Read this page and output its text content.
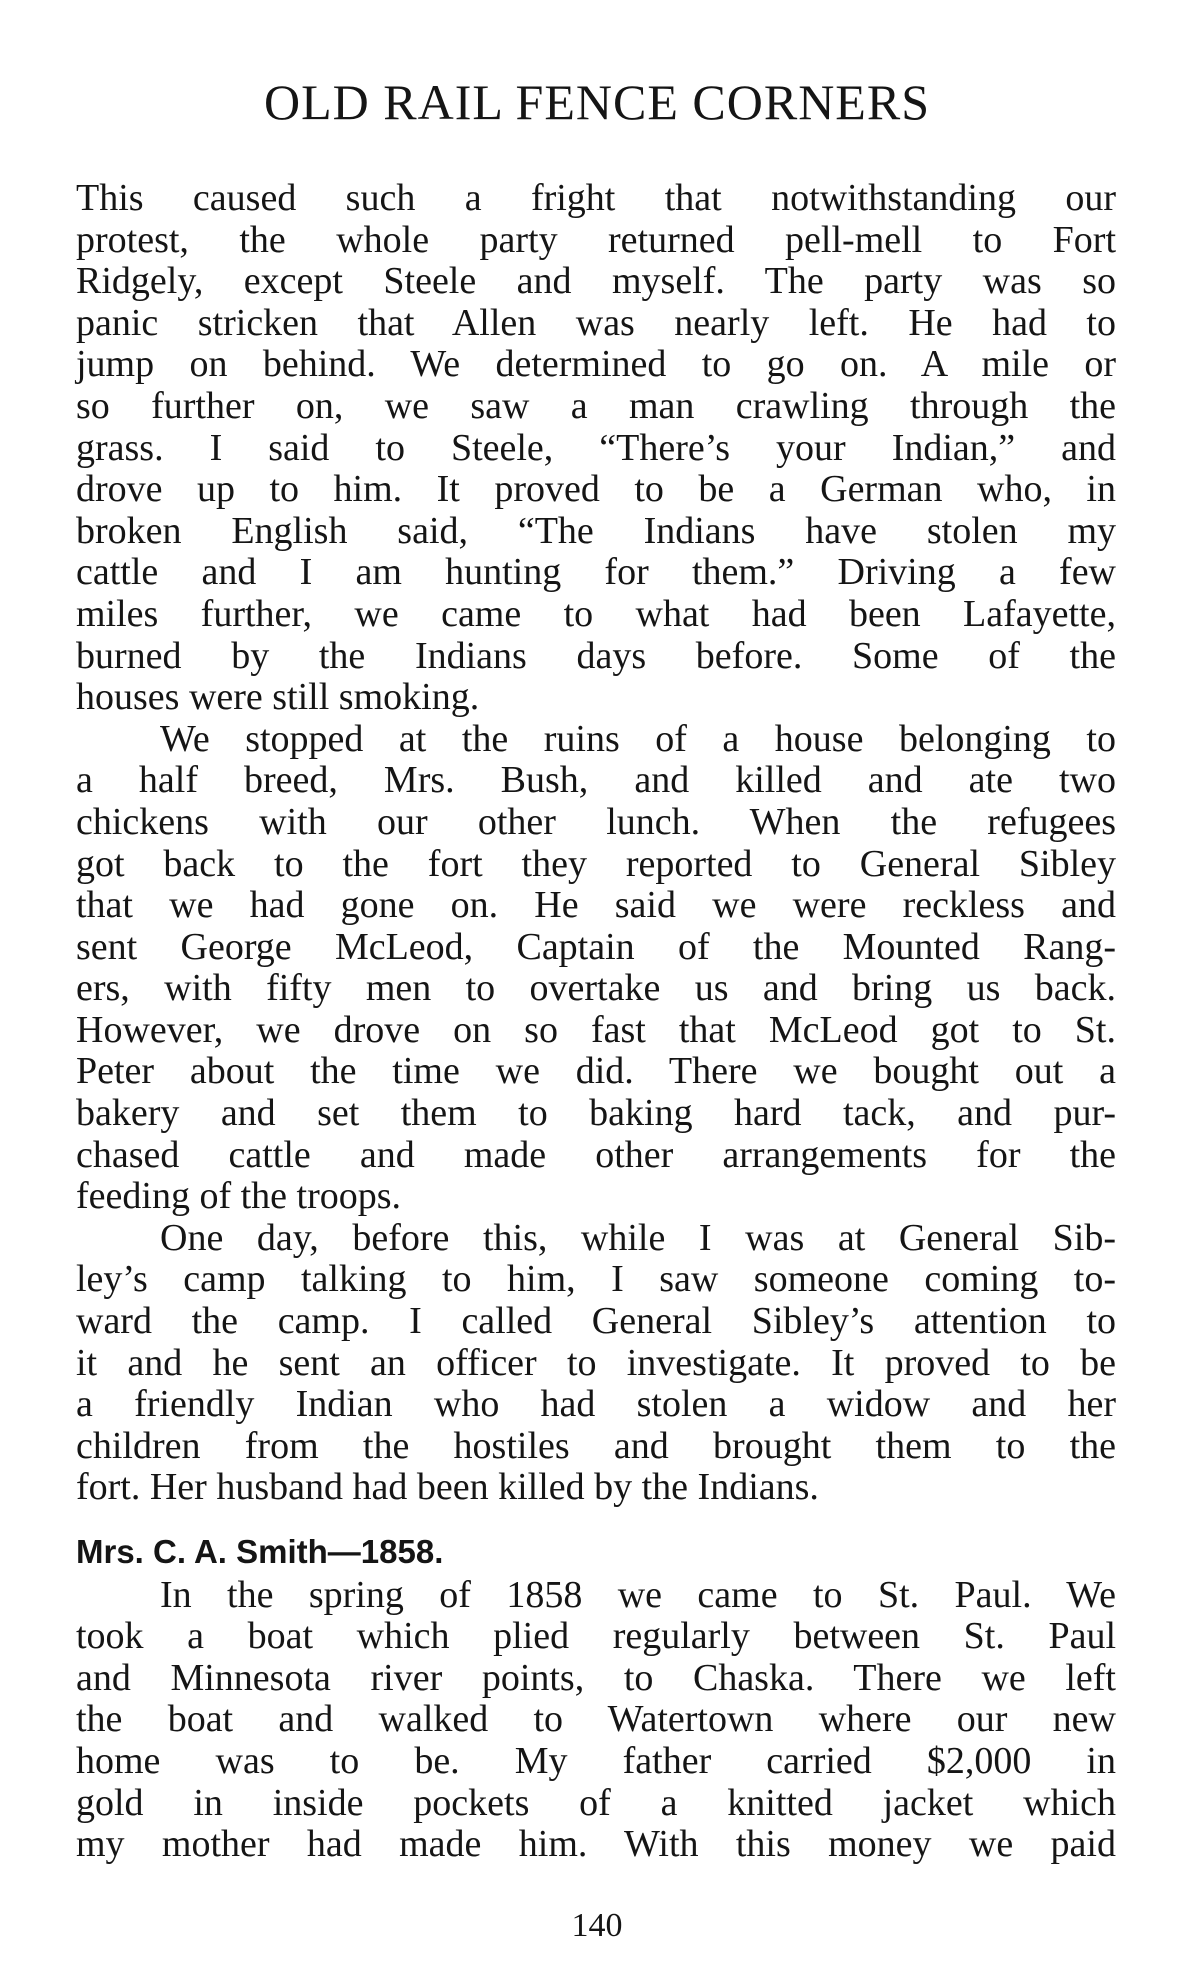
OLD RAIL FENCE CORNERS
This caused such a fright that notwithstanding our
protest, the whole party returned pell-mell to Fort
Ridgely, except Steele and myself. The party was so
panic stricken that Allen was nearly left. He had to
jump on behind. We determined to go on. A mile or
so further on, we saw a man crawling through the
grass. I said to Steele, “There’s your Indian,” and
drove up to him. It proved to be a German who, in
broken English said, “The Indians have stolen my
cattle and I am hunting for them.” Driving a few
miles further, we came to what had been Lafayette,
burned by the Indians days before. Some of the
houses were still smoking.
We stopped at the ruins of a house belonging to
a half breed, Mrs. Bush, and killed and ate two
chickens with our other lunch. When the refugees
got back to the fort they reported to General Sibley
that we had gone on. He said we were reckless and
sent George McLeod, Captain of the Mounted Rang-
ers, with fifty men to overtake us and bring us back.
However, we drove on so fast that McLeod got to St.
Peter about the time we did. There we bought out a
bakery and set them to baking hard tack, and pur-
chased cattle and made other arrangements for the
feeding of the troops.
One day, before this, while I was at General Sib-
ley’s camp talking to him, I saw someone coming to-
ward the camp. I called General Sibley’s attention to
it and he sent an officer to investigate. It proved to be
a friendly Indian who had stolen a widow and her
children from the hostiles and brought them to the
fort. Her husband had been killed by the Indians.
Mrs. C. A. Smith—1858.
In the spring of 1858 we came to St. Paul. We
took a boat which plied regularly between St. Paul
and Minnesota river points, to Chaska. There we left
the boat and walked to Watertown where our new
home was to be. My father carried $2,000 in
gold in inside pockets of a knitted jacket which
my mother had made him. With this money we paid
140
